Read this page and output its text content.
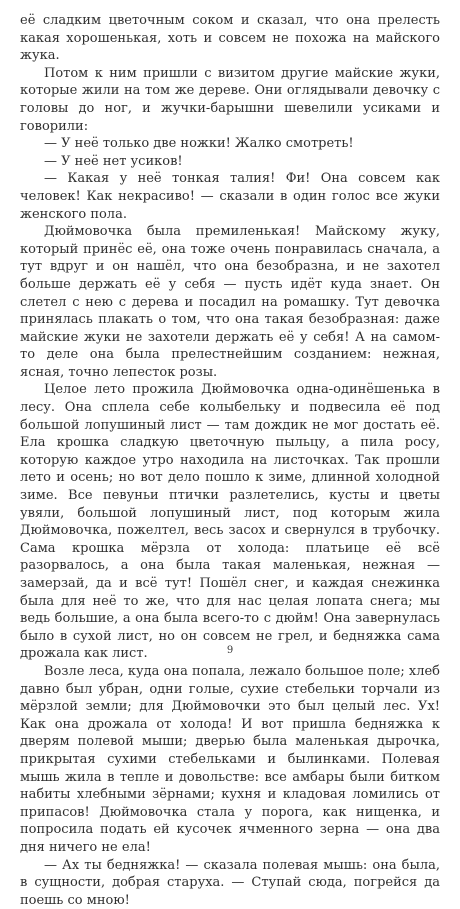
её сладким цветочным соком и сказал, что она прелесть какая хорошенькая, хоть и совсем не похожа на майского жука.

Потом к ним пришли с визитом другие майские жуки, которые жили на том же дереве. Они оглядывали девочку с головы до ног, и жучки-барышни шевелили усиками и говорили:

— У неё только две ножки! Жалко смотреть!

— У неё нет усиков!

— Какая у неё тонкая талия! Фи! Она совсем как человек! Как некрасиво! — сказали в один голос все жуки женского пола.

Дюймовочка была премиленькая! Майскому жуку, который принёс её, она тоже очень понравилась сначала, а тут вдруг и он нашёл, что она безобразна, и не захотел больше держать её у себя — пусть идёт куда знает. Он слетел с нею с дерева и посадил на ромашку. Тут девочка принялась плакать о том, что она такая безобразная: даже майские жуки не захотели держать её у себя! А на самом-то деле она была прелестнейшим созданием: нежная, ясная, точно лепесток розы.

Целое лето прожила Дюймовочка одна-одинёшенька в лесу. Она сплела себе колыбельку и подвесила её под большой лопушиный лист — там дождик не мог достать её. Ела крошка сладкую цветочную пыльцу, а пила росу, которую каждое утро находила на листочках. Так прошли лето и осень; но вот дело пошло к зиме, длинной холодной зиме. Все певуньи птички разлетелись, кусты и цветы увяли, большой лопушиный лист, под которым жила Дюймовочка, пожелтел, весь засох и свернулся в трубочку. Сама крошка мёрзла от холода: платьице её всё разорвалось, а она была такая маленькая, нежная — замерзай, да и всё тут! Пошёл снег, и каждая снежинка была для неё то же, что для нас целая лопата снега; мы ведь большие, а она была всего-то с дюйм! Она завернулась было в сухой лист, но он совсем не грел, и бедняжка сама дрожала как лист.

Возле леса, куда она попала, лежало большое поле; хлеб давно был убран, одни голые, сухие стебельки торчали из мёрзлой земли; для Дюймовочки это был целый лес. Ух! Как она дрожала от холода! И вот пришла бедняжка к дверям полевой мыши; дверью была маленькая дырочка, прикрытая сухими стебельками и былинками. Полевая мышь жила в тепле и довольстве: все амбары были битком набиты хлебными зёрнами; кухня и кладовая ломились от припасов! Дюймовочка стала у порога, как нищенка, и попросила подать ей кусочек ячменного зерна — она два дня ничего не ела!

— Ах ты бедняжка! — сказала полевая мышь: она была, в сущности, добрая старуха. — Ступай сюда, погрейся да поешь со мною!

9
